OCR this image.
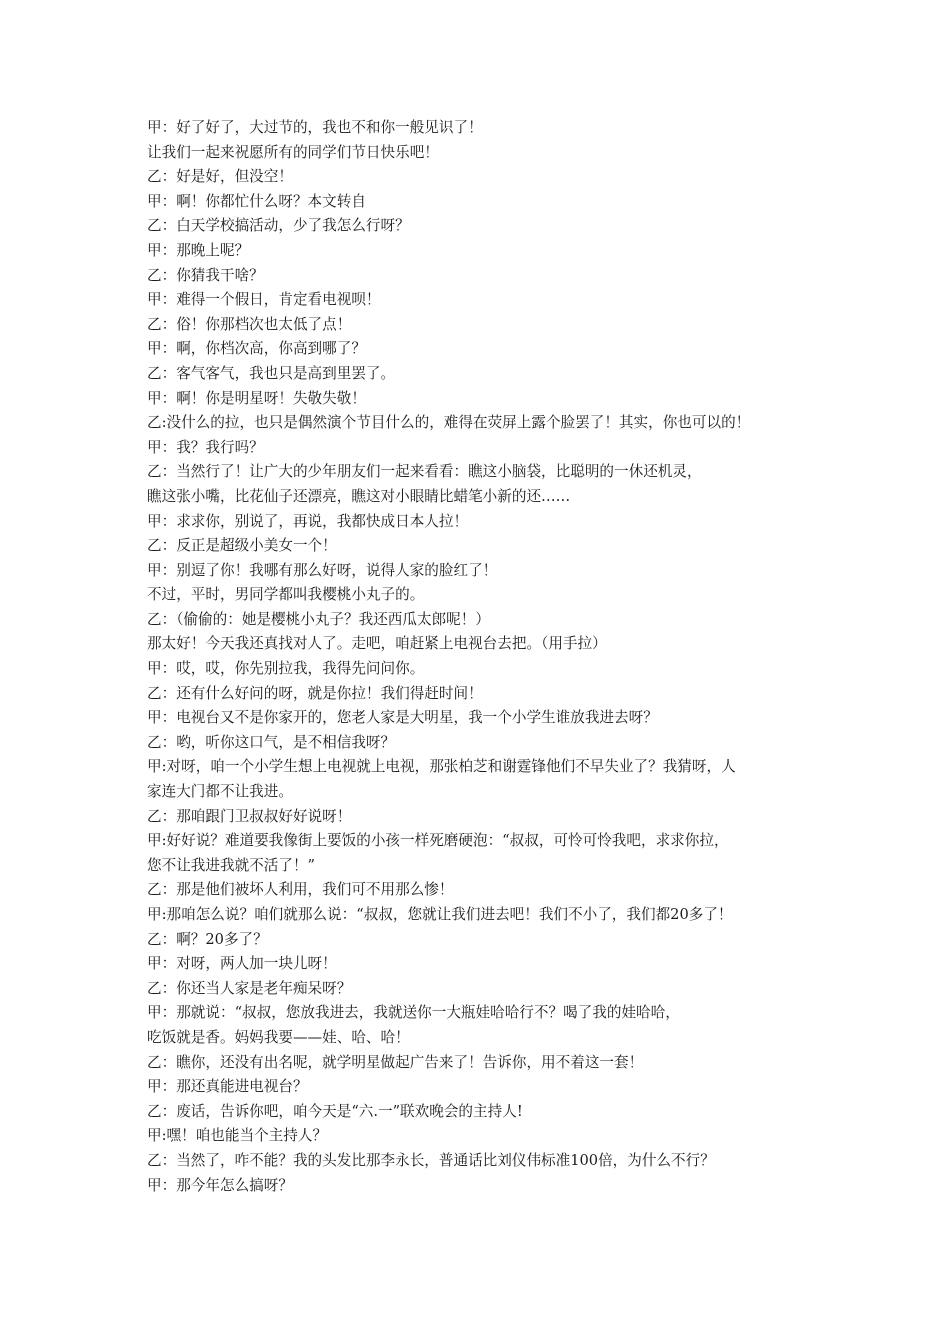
甲：好了好了，大过节的，我也不和你一般见识了！
让我们一起来祝愿所有的同学们节日快乐吧！
乙：好是好，但没空！
甲：啊！你都忙什么呀？本文转自
乙：白天学校搞活动，少了我怎么行呀？
甲：那晚上呢？
乙：你猜我干啥？
甲：难得一个假日，肯定看电视呗！
乙：俗！你那档次也太低了点！
甲：啊，你档次高，你高到哪了？
乙：客气客气，我也只是高到里罢了。
甲：啊！你是明星呀！失敬失敬！
乙:没什么的拉，也只是偶然演个节目什么的，难得在荧屏上露个脸罢了！其实，你也可以的！
甲：我？我行吗？
乙：当然行了！让广大的少年朋友们一起来看看：瞧这小脑袋，比聪明的一休还机灵，
瞧这张小嘴，比花仙子还漂亮，瞧这对小眼睛比蜡笔小新的还……
甲：求求你，别说了，再说，我都快成日本人拉！
乙：反正是超级小美女一个！
甲：别逗了你！我哪有那么好呀，说得人家的脸红了！
不过，平时，男同学都叫我樱桃小丸子的。
乙：（偷偷的：她是樱桃小丸子？我还西瓜太郎呢！）
那太好！今天我还真找对人了。走吧，咱赶紧上电视台去把。（用手拉）
甲：哎，哎，你先别拉我，我得先问问你。
乙：还有什么好问的呀，就是你拉！我们得赶时间！
甲：电视台又不是你家开的，您老人家是大明星，我一个小学生谁放我进去呀？
乙：哟，听你这口气，是不相信我呀？
甲:对呀，咱一个小学生想上电视就上电视，那张柏芝和谢霆锋他们不早失业了？我猜呀，人
家连大门都不让我进。
乙：那咱跟门卫叔叔好好说呀！
甲:好好说？难道要我像街上要饭的小孩一样死磨硬泡：“叔叔，可怜可怜我吧，求求你拉，
您不让我进我就不活了！”
乙：那是他们被坏人利用，我们可不用那么惨！
甲:那咱怎么说？咱们就那么说：“叔叔，您就让我们进去吧！我们不小了，我们都20多了！
乙：啊？20多了？
甲：对呀，两人加一块儿呀！
乙：你还当人家是老年痴呆呀？
甲：那就说：“叔叔，您放我进去，我就送你一大瓶娃哈哈行不？喝了我的娃哈哈，
吃饭就是香。妈妈我要——娃、哈、哈！
乙：瞧你，还没有出名呢，就学明星做起广告来了！告诉你，用不着这一套！
甲：那还真能进电视台？
乙：废话，告诉你吧，咱今天是“六.一”联欢晚会的主持人!
甲:嘿！咱也能当个主持人？
乙：当然了，咋不能？我的头发比那李永长，普通话比刘仪伟标准100倍，为什么不行？
甲：那今年怎么搞呀？
